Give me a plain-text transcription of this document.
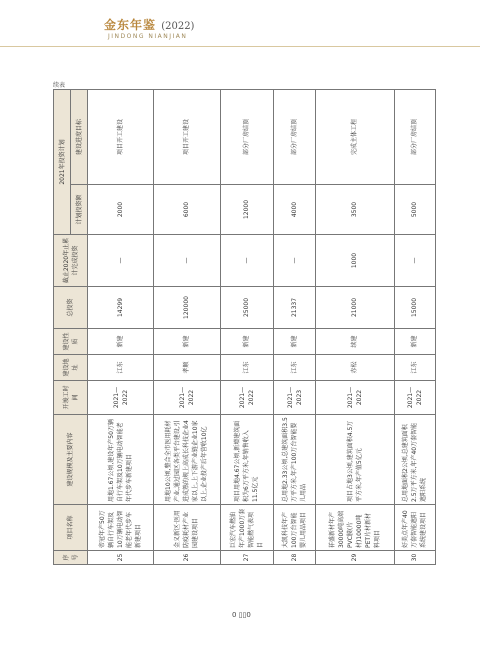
金东年鉴 (2022)
JINDONG NIANJIAN
续表
序号	项目名称	建设规模及主要内容	开竣工时间	建设地址	建设性质	总投资	截止2020年止累计完成投资	2021年投资计划	
								计划投资额	建设进度目标
25	帝冠年产50万辆自行车架及10万辆电动智能老年代步车新建项目	用地1.67公顷,建设年产50万辆自行车架及10万辆电动智能老年代步车新建项目	2021—2022	江东	新建	14299	—	2000	项目开工建设
26	金义新区·医用防疫耗材产业园建设项目	用地10公顷,整合全市医用耗材产业,通过园区各类平台建设,引进成熟的规上高成长科技企业4家以上,上下游产业链企业10家以上,企业投产后年营收10亿	2021—2022	孝顺	新建	120000	—	6000	项目开工建设
27	巨宏汽车燃油年产1000万套智能燃气表项目	项目用地4.67公顷,新增建筑面积为6万平方米,年销售收入11.5亿元	2021—2022	江东	新建	25000	—	12000	部分厂房结顶
28	大凯科技年产100万台智能婴儿用品项目	总用地2.33公顷,总建筑面积3.5万平方米,年产100万台智能婴儿用品	2021—2023	江东	新建	21337	—	4000	部分厂房结顶
29	祥盛新材年产30000吨高端PVC膜(片材)10000吨PET片材新材料项目	项目占地3公顷,建筑面积4.5万平方米,年产值5亿元	2021—2022	赤松	续建	21000	1000	3500	完成主体工程
30	好美点年产40万套智能遮阳系统建设项目	总用地面积2公顷,总建筑面积2.5万平方米,年产40万套智能遮阳系统	2021—2022	江东	新建	15000	—	5000	部分厂房结顶
0 ▯▯0
